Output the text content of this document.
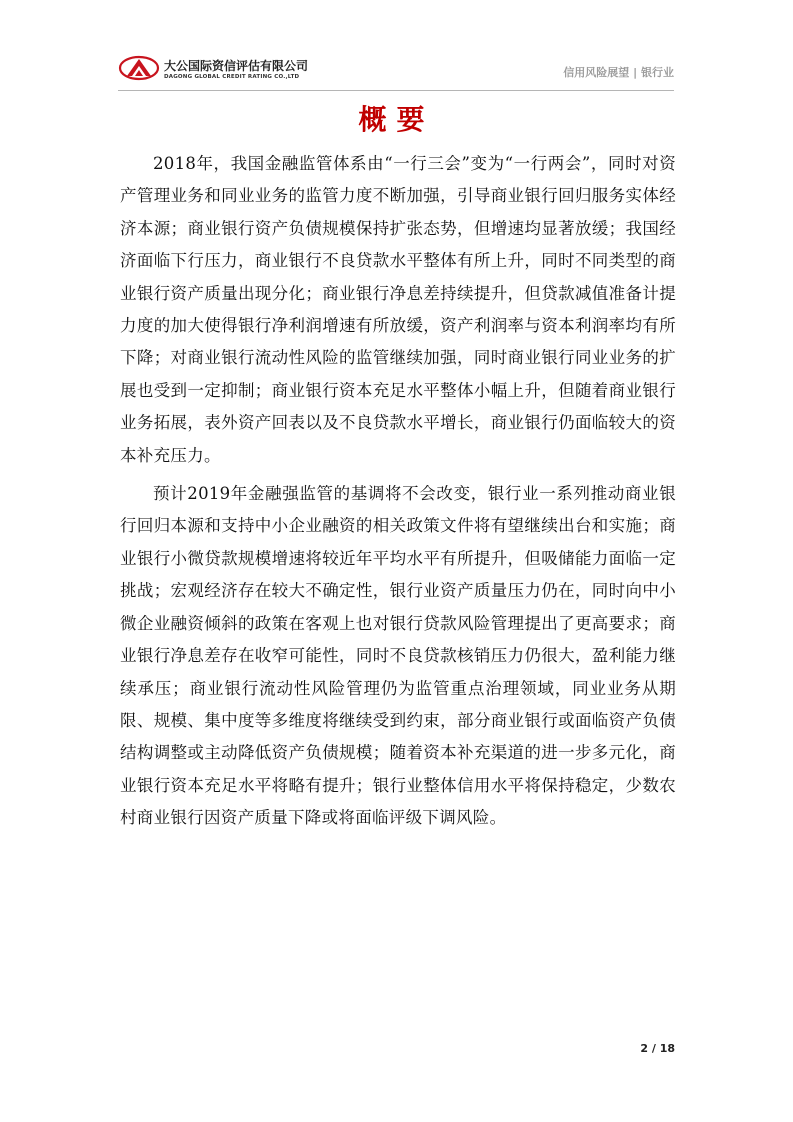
大公国际资信评估有限公司
DAGONG GLOBAL CREDIT RATING CO.,LTD	信用风险展望 | 银行业
概要

2018年，我国金融监管体系由“一行三会”变为“一行两会”，同时对资产管理业务和同业业务的监管力度不断加强，引导商业银行回归服务实体经济本源；商业银行资产负债规模保持扩张态势，但增速均显著放缓；我国经济面临下行压力，商业银行不良贷款水平整体有所上升，同时不同类型的商业银行资产质量出现分化；商业银行净息差持续提升，但贷款减值准备计提力度的加大使得银行净利润增速有所放缓，资产利润率与资本利润率均有所下降；对商业银行流动性风险的监管继续加强，同时商业银行同业业务的扩展也受到一定抑制；商业银行资本充足水平整体小幅上升，但随着商业银行业务拓展，表外资产回表以及不良贷款水平增长，商业银行仍面临较大的资本补充压力。

预计2019年金融强监管的基调将不会改变，银行业一系列推动商业银行回归本源和支持中小企业融资的相关政策文件将有望继续出台和实施；商业银行小微贷款规模增速将较近年平均水平有所提升，但吸储能力面临一定挑战；宏观经济存在较大不确定性，银行业资产质量压力仍在，同时向中小微企业融资倾斜的政策在客观上也对银行贷款风险管理提出了更高要求；商业银行净息差存在收窄可能性，同时不良贷款核销压力仍很大，盈利能力继续承压；商业银行流动性风险管理仍为监管重点治理领域，同业业务从期限、规模、集中度等多维度将继续受到约束，部分商业银行或面临资产负债结构调整或主动降低资产负债规模；随着资本补充渠道的进一步多元化，商业银行资本充足水平将略有提升；银行业整体信用水平将保持稳定，少数农村商业银行因资产质量下降或将面临评级下调风险。

2 / 18
